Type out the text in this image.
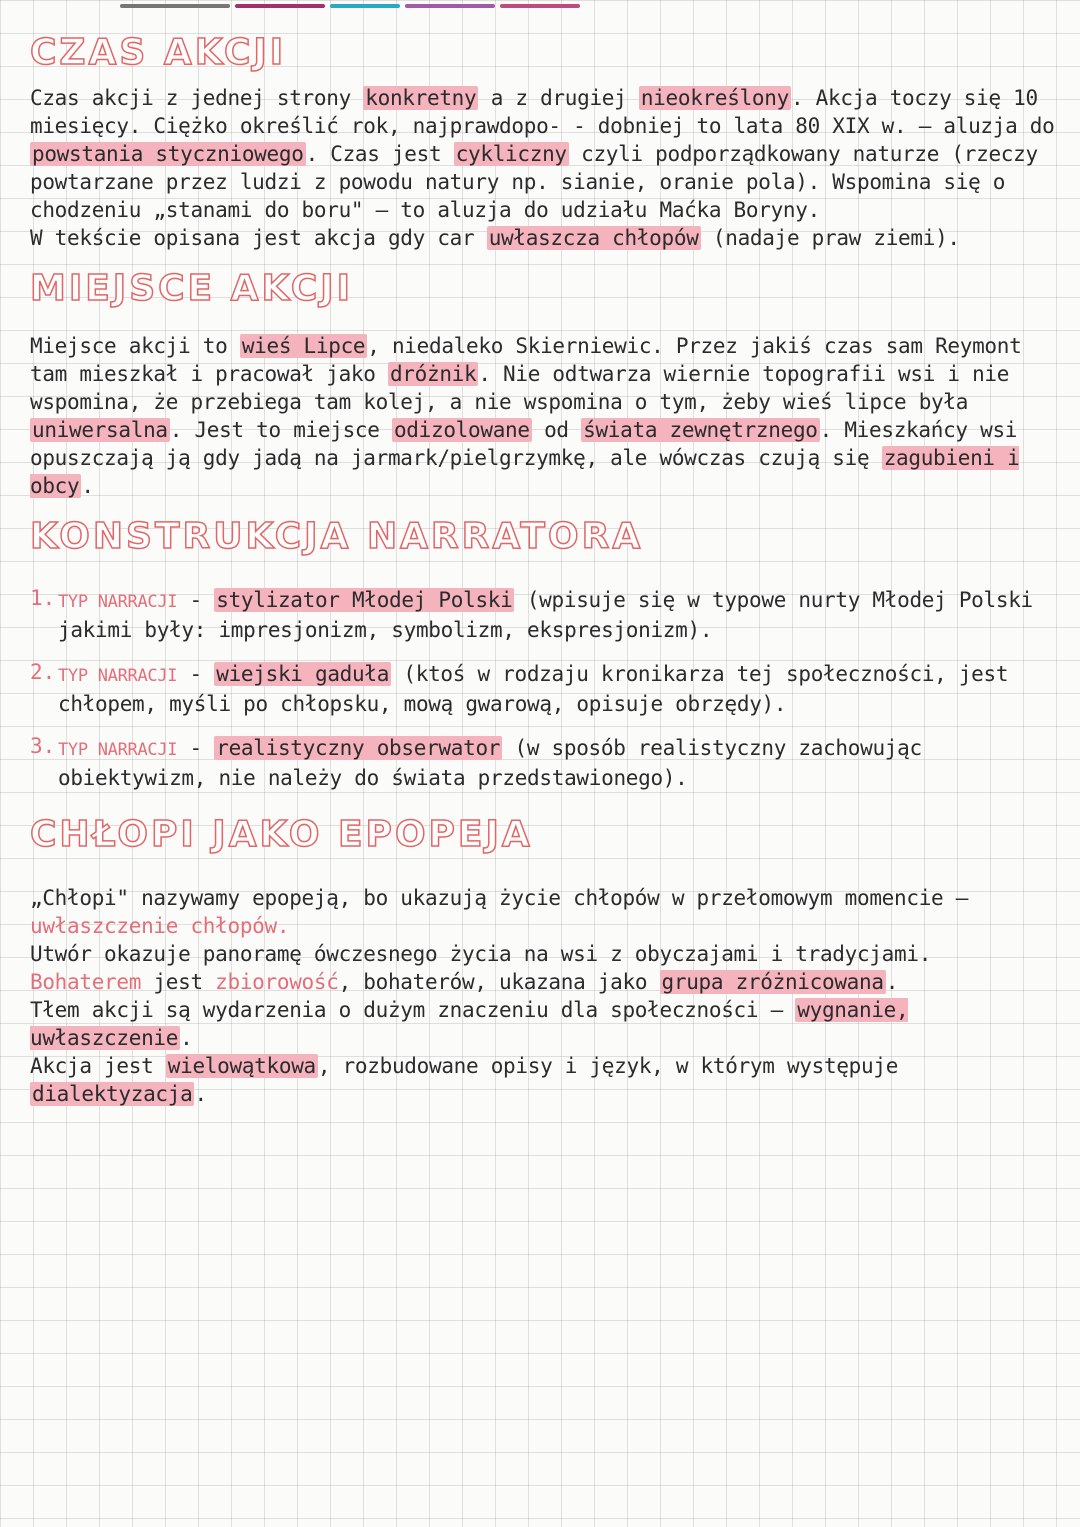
CZAS AKCJI

Czas akcji z jednej strony konkretny a z drugiej nieokreślony. Akcja toczy się 10 miesięcy. Ciężko określić rok, najprawdopo- - dobniej to lata 80 XIX w. – aluzja do powstania styczniowego. Czas jest cykliczny czyli podporządkowany naturze (rzeczy powtarzane przez ludzi z powodu natury np. sianie, oranie pola). Wspomina się o chodzeniu „stanami do boru" – to aluzja do udziału Maćka Boryny.

W tekście opisana jest akcja gdy car uwłaszcza chłopów (nadaje praw ziemi).

MIEJSCE AKCJI

Miejsce akcji to wieś Lipce, niedaleko Skierniewic. Przez jakiś czas sam Reymont tam mieszkał i pracował jako dróżnik. Nie odtwarza wiernie topografii wsi i nie wspomina, że przebiega tam kolej, a nie wspomina o tym, żeby wieś lipce była uniwersalna. Jest to miejsce odizolowane od świata zewnętrznego. Mieszkańcy wsi opuszczają ją gdy jadą na jarmark/pielgrzymkę, ale wówczas czują się zagubieni i obcy.

KONSTRUKCJA NARRATORA
1. TYP NARRACJI - stylizator Młodej Polski (wpisuje się w typowe nurty Młodej Polski jakimi były: impresjonizm, symbolizm, ekspresjonizm).

2. TYP NARRACJI - wiejski gaduła (ktoś w rodzaju kronikarza tej społeczności, jest chłopem, myśli po chłopsku, mową gwarową, opisuje obrzędy).

3. TYP NARRACJI - realistyczny obserwator (w sposób realistyczny zachowując obiektywizm, nie należy do świata przedstawionego).

CHŁOPI JAKO EPOPEJA

„Chłopi" nazywamy epopeją, bo ukazują życie chłopów w przełomowym momencie – uwłaszczenie chłopów.

Utwór okazuje panoramę ówczesnego życia na wsi z obyczajami i tradycjami.

Bohaterem jest zbiorowość, bohaterów, ukazana jako grupa zróżnicowana.

Tłem akcji są wydarzenia o dużym znaczeniu dla społeczności – wygnanie, uwłaszczenie.

Akcja jest wielowątkowa, rozbudowane opisy i język, w którym występuje dialektyzacja.
